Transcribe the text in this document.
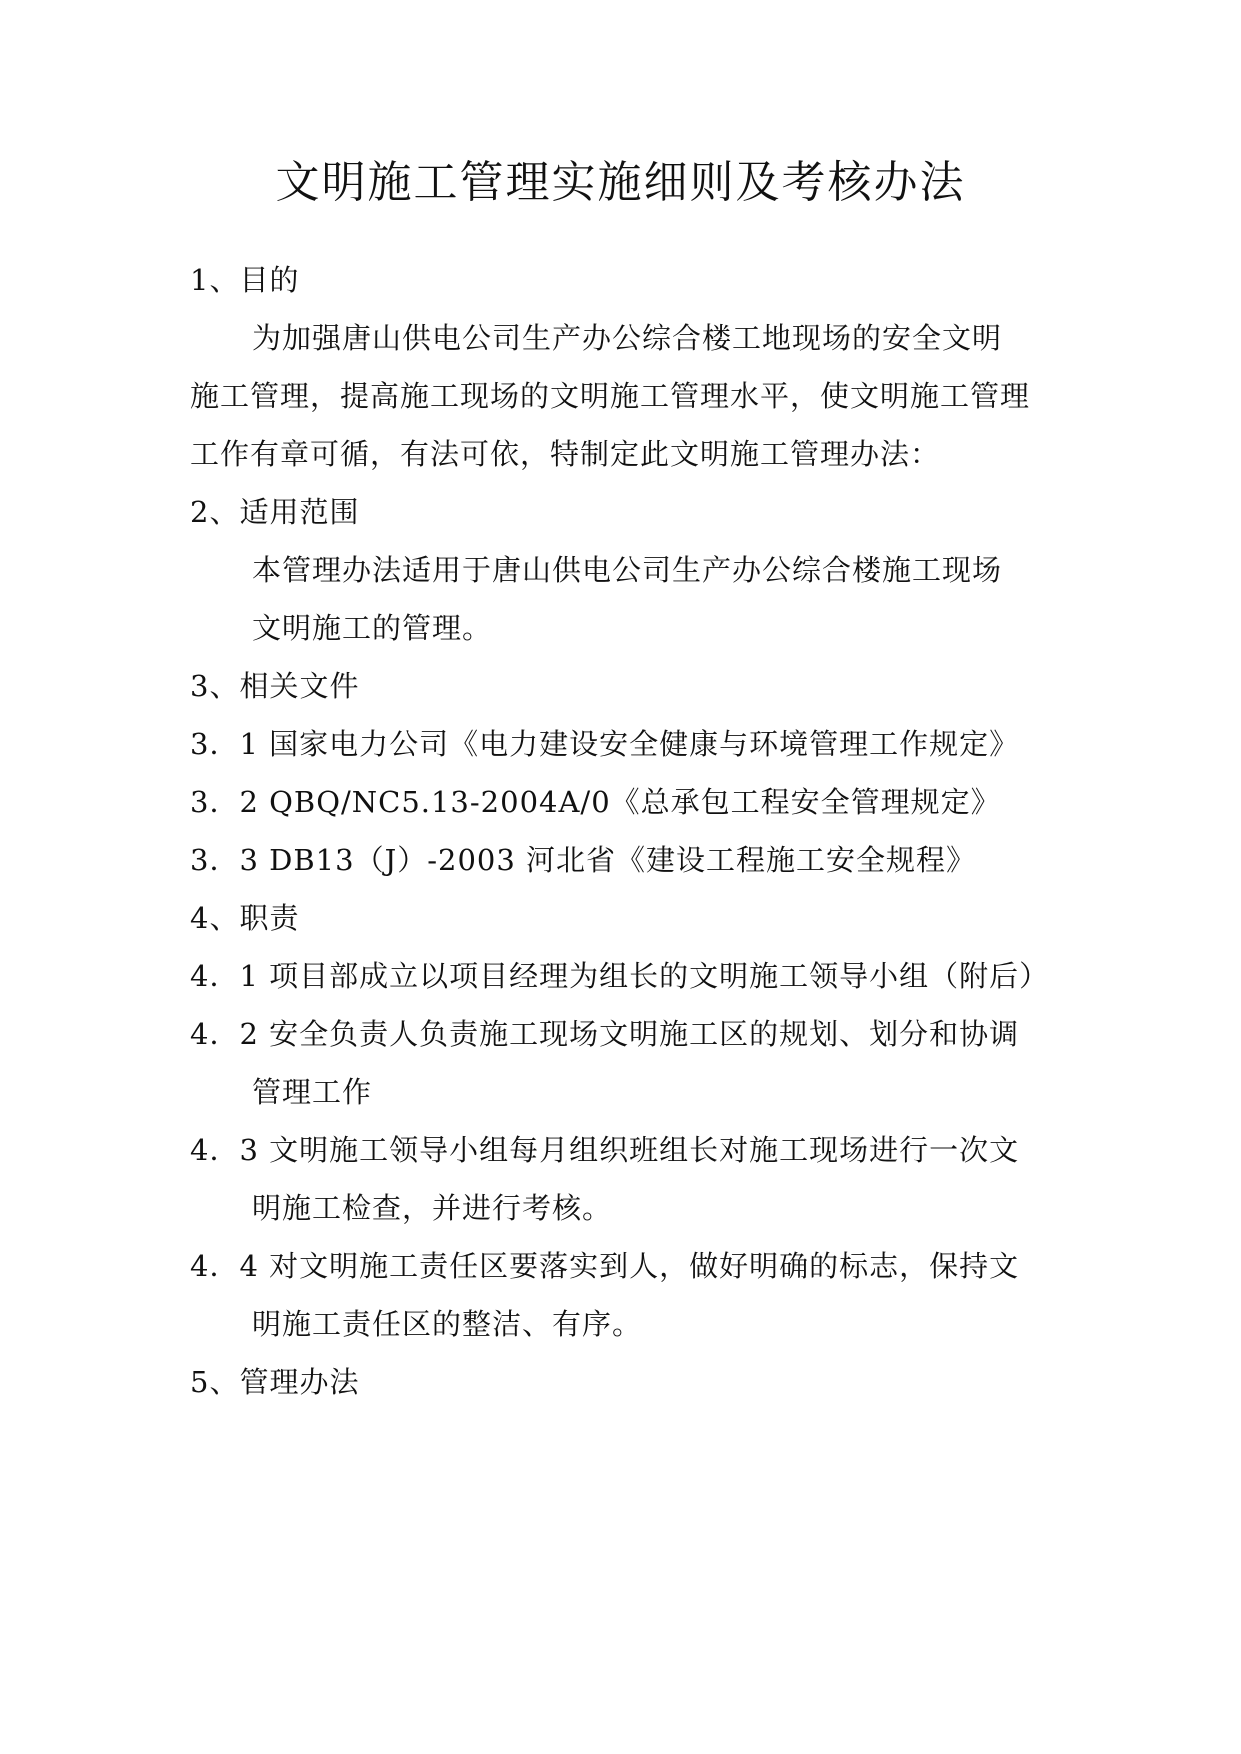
文明施工管理实施细则及考核办法
1、目的
为加强唐山供电公司生产办公综合楼工地现场的安全文明
施工管理，提高施工现场的文明施工管理水平，使文明施工管理
工作有章可循，有法可依，特制定此文明施工管理办法：
2、适用范围
本管理办法适用于唐山供电公司生产办公综合楼施工现场
文明施工的管理。
3、相关文件
3．1 国家电力公司《电力建设安全健康与环境管理工作规定》
3．2 QBQ/NC5.13-2004A/0《总承包工程安全管理规定》
3．3 DB13（J）-2003 河北省《建设工程施工安全规程》
4、职责
4．1 项目部成立以项目经理为组长的文明施工领导小组（附后）
4．2 安全负责人负责施工现场文明施工区的规划、划分和协调
管理工作
4．3 文明施工领导小组每月组织班组长对施工现场进行一次文
明施工检查，并进行考核。
4．4 对文明施工责任区要落实到人，做好明确的标志，保持文
明施工责任区的整洁、有序。
5、管理办法
